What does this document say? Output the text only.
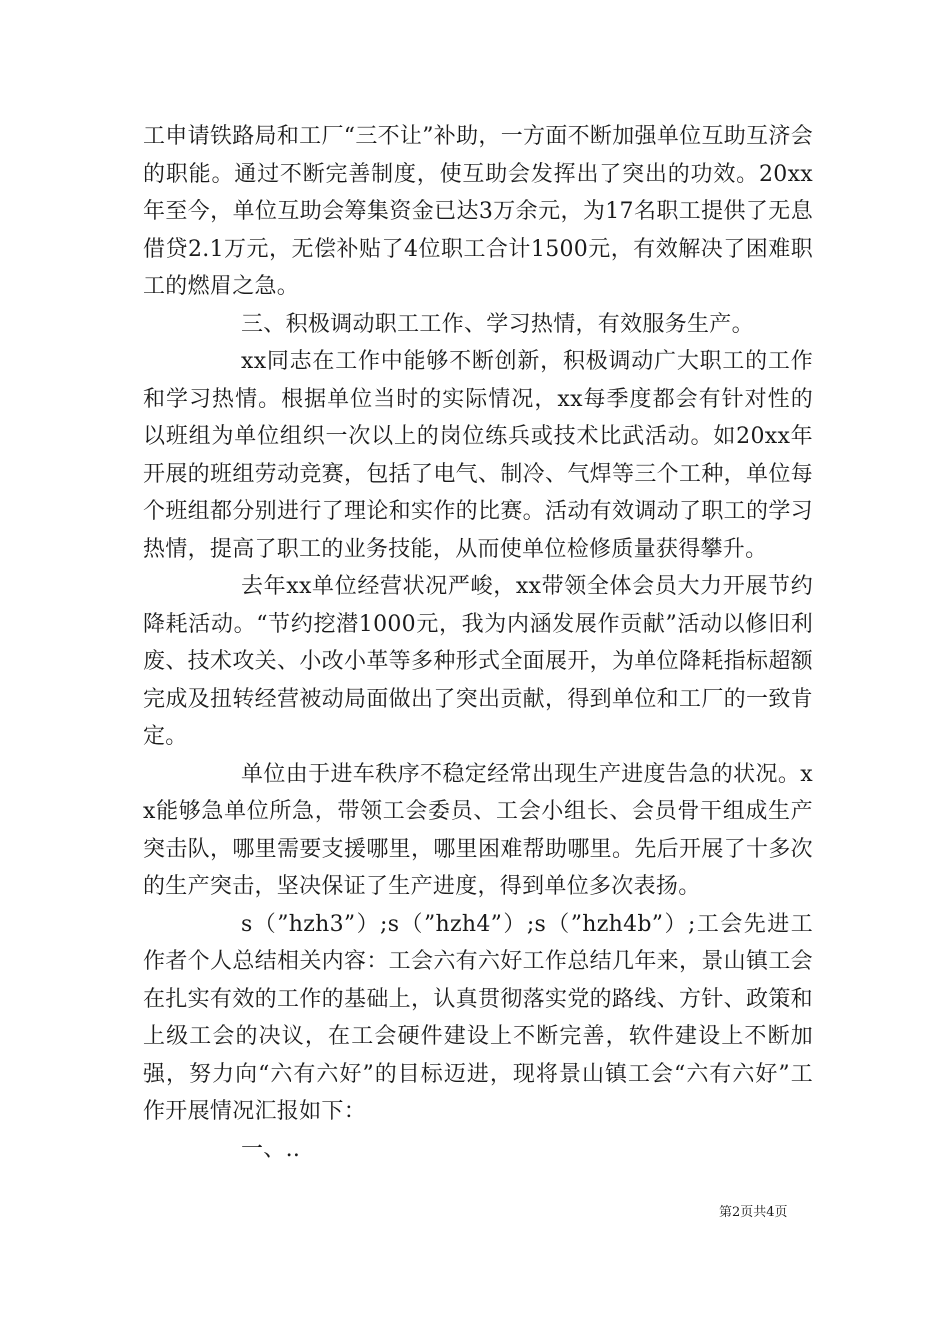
工申请铁路局和工厂“三不让”补助，一方面不断加强单位互助互济会的职能。通过不断完善制度，使互助会发挥出了突出的功效。20xx年至今，单位互助会筹集资金已达3万余元，为17名职工提供了无息借贷2.1万元，无偿补贴了4位职工合计1500元，有效解决了困难职工的燃眉之急。

三、积极调动职工工作、学习热情，有效服务生产。

xx同志在工作中能够不断创新，积极调动广大职工的工作和学习热情。根据单位当时的实际情况，xx每季度都会有针对性的以班组为单位组织一次以上的岗位练兵或技术比武活动。如20xx年开展的班组劳动竞赛，包括了电气、制冷、气焊等三个工种，单位每个班组都分别进行了理论和实作的比赛。活动有效调动了职工的学习热情，提高了职工的业务技能，从而使单位检修质量获得攀升。

去年xx单位经营状况严峻，xx带领全体会员大力开展节约降耗活动。“节约挖潜1000元，我为内涵发展作贡献”活动以修旧利废、技术攻关、小改小革等多种形式全面展开，为单位降耗指标超额完成及扭转经营被动局面做出了突出贡献，得到单位和工厂的一致肯定。

单位由于进车秩序不稳定经常出现生产进度告急的状况。xx能够急单位所急，带领工会委员、工会小组长、会员骨干组成生产突击队，哪里需要支援哪里，哪里困难帮助哪里。先后开展了十多次的生产突击，坚决保证了生产进度，得到单位多次表扬。

s（”hzh3”）;s（”hzh4”）;s（”hzh4b”）;工会先进工作者个人总结相关内容：工会六有六好工作总结几年来，景山镇工会在扎实有效的工作的基础上，认真贯彻落实党的路线、方针、政策和上级工会的决议，在工会硬件建设上不断完善，软件建设上不断加强，努力向“六有六好”的目标迈进，现将景山镇工会“六有六好”工作开展情况汇报如下：

一、..

第2页共4页
